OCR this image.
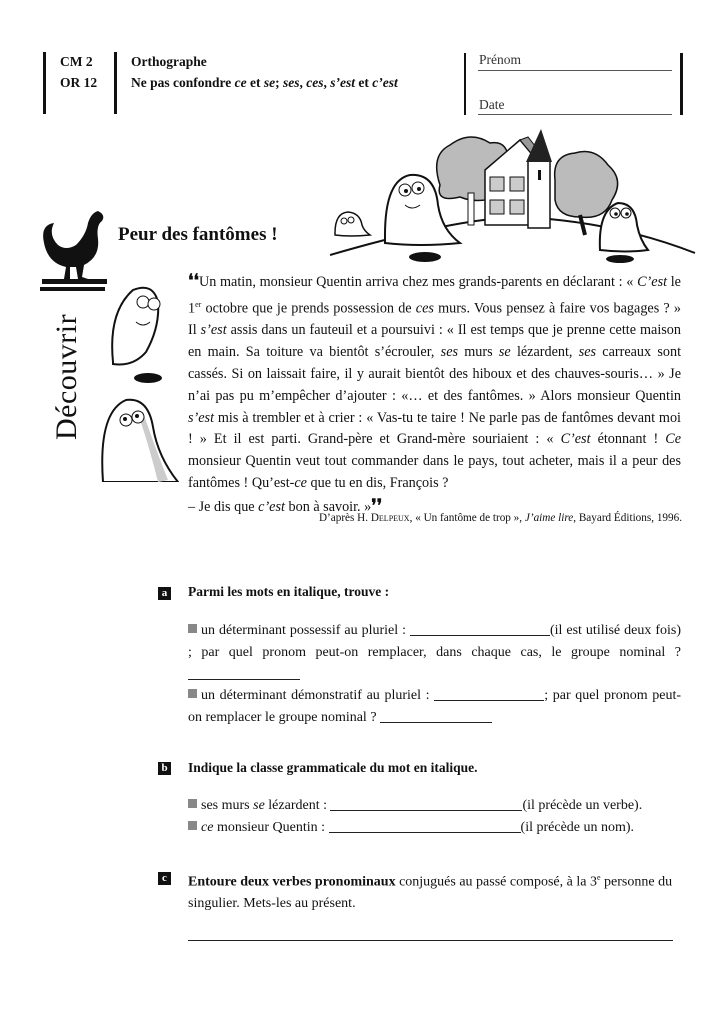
CM 2
OR 12
Orthographe
Ne pas confondre ce et se; ses, ces, s’est et c’est
Prénom
Date
Peur des fantômes !
Découvrir

❛❛Un matin, monsieur Quentin arriva chez mes grands-parents en déclarant : « C’est le 1er octobre que je prends possession de ces murs. Vous pensez à faire vos bagages ? » Il s’est assis dans un fauteuil et a poursuivi : « Il est temps que je prenne cette maison en main. Sa toiture va bientôt s’écrouler, ses murs se lézardent, ses carreaux sont cassés. Si on laissait faire, il y aurait bientôt des hiboux et des chauves-souris… » Je n’ai pas pu m’empêcher d’ajouter : «… et des fantômes. » Alors monsieur Quentin s’est mis à trembler et à crier : « Vas-tu te taire ! Ne parle pas de fantômes devant moi ! » Et il est parti. Grand-père et Grand-mère souriaient : « C’est étonnant ! Ce monsieur Quentin veut tout commander dans le pays, tout acheter, mais il a peur des fantômes ! Qu’est-ce que tu en dis, François ?

– Je dis que c’est bon à savoir. »❜❜

D’après H. Delpeux, « Un fantôme de trop », J’aime lire, Bayard Éditions, 1996.
a Parmi les mots en italique, trouve :

un déterminant possessif au pluriel :	(il est utilisé deux fois) ; par quel pronom peut-on remplacer, dans chaque cas, le groupe nominal ?

un déterminant démonstratif au pluriel :	; par quel pronom peut-on remplacer le groupe nominal ?

b Indique la classe grammaticale du mot en italique.

ses murs se lézardent :	(il précède un verbe).

ce monsieur Quentin :	(il précède un nom).

c Entoure deux verbes pronominaux conjugués au passé composé, à la 3e personne du singulier. Mets-les au présent.
